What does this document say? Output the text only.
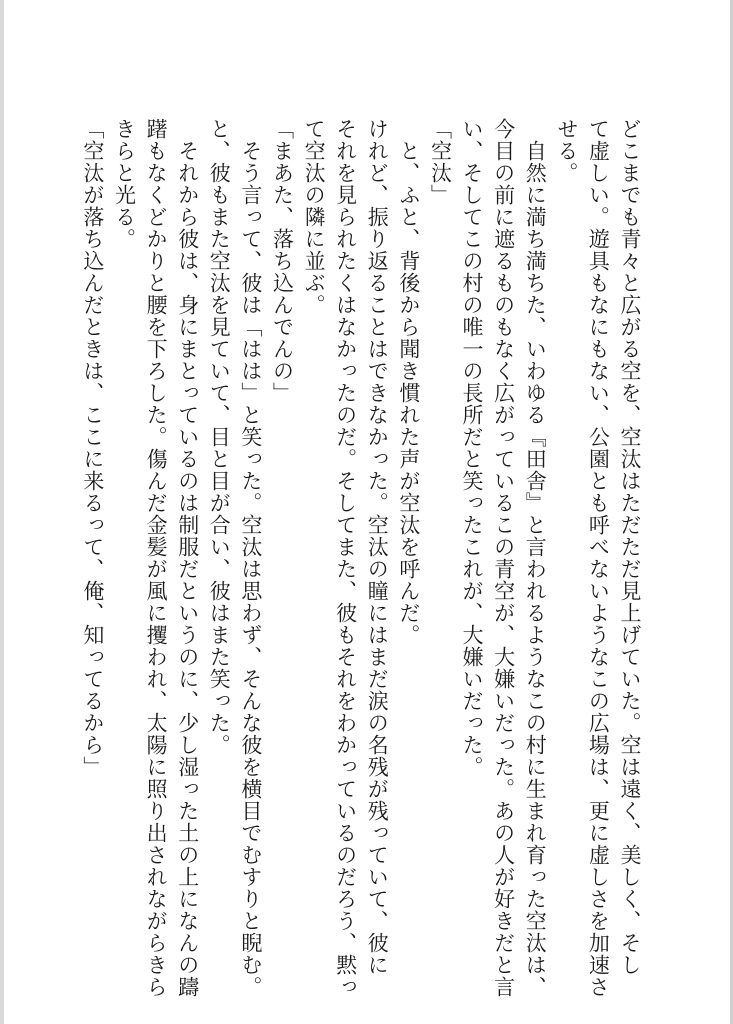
どこまでも青々と広がる空を、空汰はただただ見上げていた。空は遠く、美しく、そし
て虚しい。遊具もなにもない、公園とも呼べないようなこの広場は、更に虚しさを加速さ
せる。
　自然に満ち満ちた、いわゆる『田舎』と言われるようなこの村に生まれ育った空汰は、
今目の前に遮るものもなく広がっているこの青空が、大嫌いだった。あの人が好きだと言
い、そしてこの村の唯一の長所だと笑ったこれが、大嫌いだった。
「空汰」
　と、ふと、背後から聞き慣れた声が空汰を呼んだ。
けれど、振り返ることはできなかった。空汰の瞳にはまだ涙の名残が残っていて、彼に
それを見られたくはなかったのだ。そしてまた、彼もそれをわかっているのだろう、黙っ
て空汰の隣に並ぶ。
「まあた、落ち込んでんの」
　そう言って、彼は「はは」と笑った。空汰は思わず、そんな彼を横目でむすりと睨む。
と、彼もまた空汰を見ていて、目と目が合い、彼はまた笑った。
　それから彼は、身にまとっているのは制服だというのに、少し湿った土の上になんの躊
躇もなくどかりと腰を下ろした。傷んだ金髪が風に攫われ、太陽に照り出されながらきら
きらと光る。
「空汰が落ち込んだときは、ここに来るって、俺、知ってるから」
